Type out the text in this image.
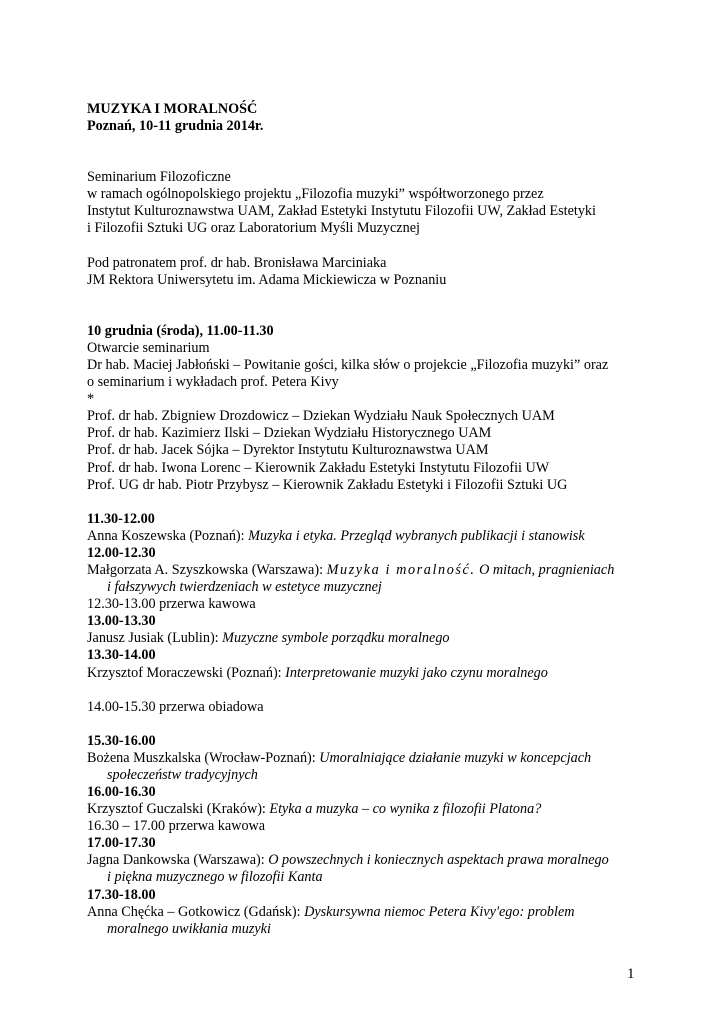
MUZYKA I MORALNOŚĆ
Poznań, 10-11 grudnia 2014r.
Seminarium Filozoficzne
w ramach ogólnopolskiego projektu „Filozofia muzyki” współtworzonego przez
Instytut Kulturoznawstwa UAM, Zakład Estetyki Instytutu Filozofii UW, Zakład Estetyki
i Filozofii Sztuki UG oraz Laboratorium Myśli Muzycznej
Pod patronatem prof. dr hab. Bronisława Marciniaka
JM Rektora Uniwersytetu im. Adama Mickiewicza w Poznaniu
10 grudnia (środa), 11.00-11.30
Otwarcie seminarium
Dr hab. Maciej Jabłoński – Powitanie gości, kilka słów o projekcie „Filozofia muzyki” oraz
o seminarium i wykładach prof. Petera Kivy
*
Prof. dr hab. Zbigniew Drozdowicz – Dziekan Wydziału Nauk Społecznych UAM
Prof. dr hab. Kazimierz Ilski – Dziekan Wydziału Historycznego UAM
Prof. dr hab. Jacek Sójka – Dyrektor Instytutu Kulturoznawstwa UAM
Prof. dr hab. Iwona Lorenc – Kierownik Zakładu Estetyki Instytutu Filozofii UW
Prof. UG dr hab. Piotr Przybysz – Kierownik Zakładu Estetyki i Filozofii Sztuki UG
11.30-12.00
Anna Koszewska (Poznań): Muzyka i etyka. Przegląd wybranych publikacji i stanowisk
12.00-12.30
Małgorzata A. Szyszkowska (Warszawa): Muzyka i moralność. O mitach, pragnieniach
i fałszywych twierdzeniach w estetyce muzycznej
12.30-13.00 przerwa kawowa
13.00-13.30
Janusz Jusiak (Lublin): Muzyczne symbole porządku moralnego
13.30-14.00
Krzysztof Moraczewski (Poznań): Interpretowanie muzyki jako czynu moralnego
14.00-15.30 przerwa obiadowa
15.30-16.00
Bożena Muszkalska (Wrocław-Poznań): Umoralniające działanie muzyki w koncepcjach
społeczeństw tradycyjnych
16.00-16.30
Krzysztof Guczalski (Kraków): Etyka a muzyka – co wynika z filozofii Platona?
16.30 – 17.00 przerwa kawowa
17.00-17.30
Jagna Dankowska (Warszawa): O powszechnych i koniecznych aspektach prawa moralnego
i piękna muzycznego w filozofii Kanta
17.30-18.00
Anna Chęćka – Gotkowicz (Gdańsk): Dyskursywna niemoc Petera Kivy'ego: problem
moralnego uwikłania muzyki
1
